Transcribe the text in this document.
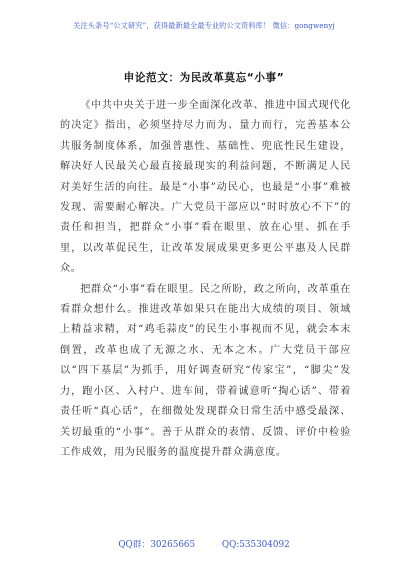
关注头条号“公文研究”，获得最新最全最专业的公文资料库！ 微信：gongwenyj
申论范文：为民改革莫忘“小事”

《中共中央关于进一步全面深化改革、推进中国式现代化的决定》指出，必须坚持尽力而为、量力而行，完善基本公共服务制度体系，加强普惠性、基础性、兜底性民生建设，解决好人民最关心最直接最现实的利益问题，不断满足人民对美好生活的向往。最是“小事”动民心，也最是“小事”难被发现、需要耐心解决。广大党员干部应以“时时放心不下”的责任和担当，把群众“小事”看在眼里、放在心里、抓在手里，以改革促民生，让改革发展成果更多更公平惠及人民群众。

把群众“小事”看在眼里。民之所盼，政之所向，改革重在看群众想什么。推进改革如果只在能出大成绩的项目、领域上精益求精，对“鸡毛蒜皮”的民生小事视而不见，就会本末倒置，改革也成了无源之水、无本之木。广大党员干部应以“四下基层”为抓手，用好调查研究“传家宝”，“脚尖”发力，跑小区、入村户、进车间，带着诚意听“掏心话”、带着责任听“真心话”，在细微处发现群众日常生活中感受最深、关切最重的“小事”。善于从群众的表情、反馈、评价中检验工作成效，用为民服务的温度提升群众满意度。

QQ群：30265665	QQ:535304092
